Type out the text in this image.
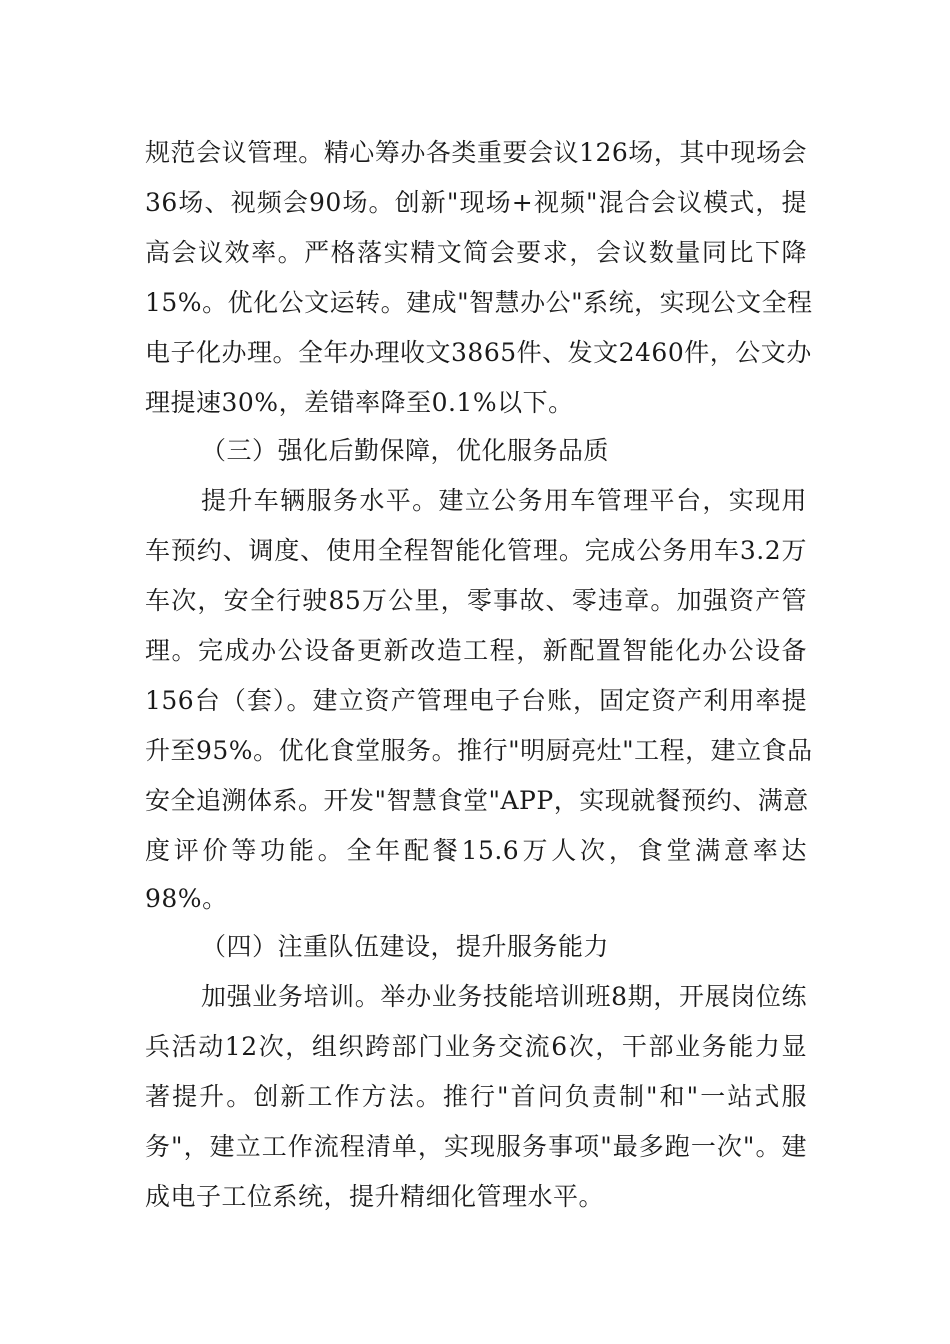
规范会议管理。精心筹办各类重要会议126场，其中现场会
36场、视频会90场。创新"现场+视频"混合会议模式，提
高会议效率。严格落实精文简会要求，会议数量同比下降
15%。优化公文运转。建成"智慧办公"系统，实现公文全程
电子化办理。全年办理收文3865件、发文2460件，公文办
理提速30%，差错率降至0.1%以下。
（三）强化后勤保障，优化服务品质
提升车辆服务水平。建立公务用车管理平台，实现用
车预约、调度、使用全程智能化管理。完成公务用车3.2万
车次，安全行驶85万公里，零事故、零违章。加强资产管
理。完成办公设备更新改造工程，新配置智能化办公设备
156台（套）。建立资产管理电子台账，固定资产利用率提
升至95%。优化食堂服务。推行"明厨亮灶"工程，建立食品
安全追溯体系。开发"智慧食堂"APP，实现就餐预约、满意
度评价等功能。全年配餐15.6万人次，食堂满意率达
98%。
（四）注重队伍建设，提升服务能力
加强业务培训。举办业务技能培训班8期，开展岗位练
兵活动12次，组织跨部门业务交流6次，干部业务能力显
著提升。创新工作方法。推行"首问负责制"和"一站式服
务"，建立工作流程清单，实现服务事项"最多跑一次"。建
成电子工位系统，提升精细化管理水平。
